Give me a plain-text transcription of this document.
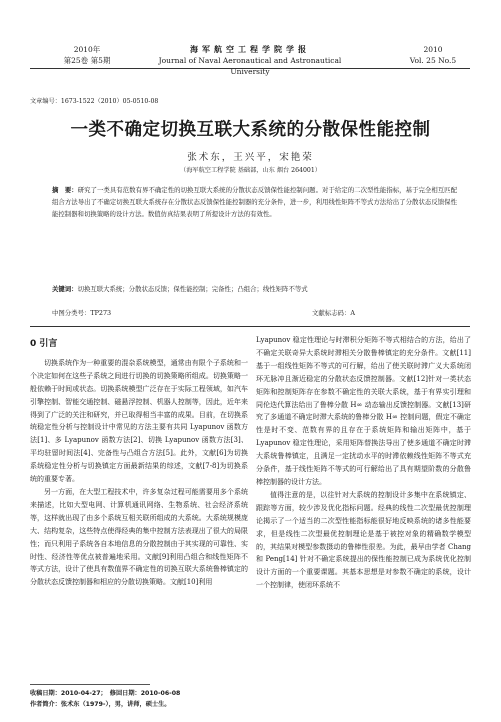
2010年
第25卷 第5期
海军航空工程学院学报
Journal of Naval Aeronautical and Astronautical University
2010
Vol. 25 No.5
文章编号：1673-1522（2010）05-0510-08
一类不确定切换互联大系统的分散保性能控制
张术东，王兴平，宋艳荣
（海军航空工程学院 基础部，山东 烟台 264001）
摘　要：研究了一类具有范数有界不确定性的切换互联大系统的分散状态反馈保性能控制问题。对于给定的二次型性能指标，基于完全相互匹配组合方法导出了不确定切换互联大系统存在分散状态反馈保性能控制器的充分条件，进一步，利用线性矩阵不等式方法给出了分散状态反馈保性能控制器和切换策略的设计方法。数值仿真结果表明了所提设计方法的有效性。
关键词：切换互联大系统；分散状态反馈；保性能控制；完备性；凸组合；线性矩阵不等式
中图分类号：TP273	文献标志码：A
0 引言

切换系统作为一种重要的混杂系统模型，通常由有限个子系统和一个决定如何在这些子系统之间进行切换的切换策略所组成。切换策略一般依赖于时间或状态。切换系统模型广泛存在于实际工程领域，如汽车引擎控制、智能交通控制、磁悬浮控制、机器人控制等，因此，近年来得到了广泛的关注和研究，并已取得相当丰富的成果。目前，在切换系统稳定性分析与控制设计中常见的方法主要有共同 Lyapunov 函数方法[1]、多 Lyapunov 函数方法[2]、切换 Lyapunov 函数方法[3]、平均驻留时间法[4]、完备性与凸组合方法[5]。此外，文献[6]为切换系统稳定性分析与切换镇定方面最新结果的综述，文献[7-8]为切换系统的重要专著。

另一方面，在大型工程技术中，许多复杂过程可能需要用多个系统来描述，比如大型电网、计算机通讯网络、生物系统、社会经济系统等，这样就出现了由多个系统互相关联所组成的大系统。大系统规模庞大、结构复杂，这些特点使得经典的集中控制方法表现出了很大的局限性；而只利用子系统各自本地信息的分散控制由于其实现的可靠性、实时性、经济性等优点被普遍地采用。文献[9]利用凸组合和线性矩阵不等式方法，设计了使具有数值界不确定性的切换互联大系统鲁棒镇定的分散状态反馈控制器和相应的分散切换策略。文献[10]利用

Lyapunov 稳定性理论与时滞积分矩阵不等式相结合的方法，给出了不确定关联奇异大系统时滞相关分散鲁棒镇定的充分条件。文献[11]基于一组线性矩阵不等式的可行解，给出了使关联时滞广义大系统闭环无脉冲且渐近稳定的分散状态反馈控制器。文献[12]针对一类状态矩阵和控制矩阵存在参数不确定性的关联大系统，基于有界实引理和同伦迭代算法给出了鲁棒分散 H∞ 动态输出反馈控制器。文献[13]研究了多通道不确定时滞大系统的鲁棒分散 H∞ 控制问题，假定不确定性是时不变、范数有界的且存在于系统矩阵和输出矩阵中，基于 Lyapunov 稳定性理论，采用矩阵替换法导出了使多通道不确定时滞大系统鲁棒镇定，且满足一定扰动水平的时滞依赖线性矩阵不等式充分条件，基于线性矩阵不等式的可行解给出了具有期望阶数的分散鲁棒控制器的设计方法。

值得注意的是，以往针对大系统的控制设计多集中在系统镇定、跟踪等方面，较少涉及优化指标问题。经典的线性二次型最优控制理论揭示了一个适当的二次型性能指标能很好地反映系统的诸多性能要求，但是线性二次型最优控制理论是基于被控对象的精确数学模型的，其结果对模型参数摄动的鲁棒性很差。为此，最早由学者 Chang 和 Peng[14] 针对不确定系统提出的保性能控制已成为系统优化控制设计方面的一个重要课题。其基本思想是对参数不确定的系统，设计一个控制律，使闭环系统不

收稿日期：2010-04-27；　修回日期：2010-06-08
作者简介：张术东（1979-），男，讲师，硕士生。
